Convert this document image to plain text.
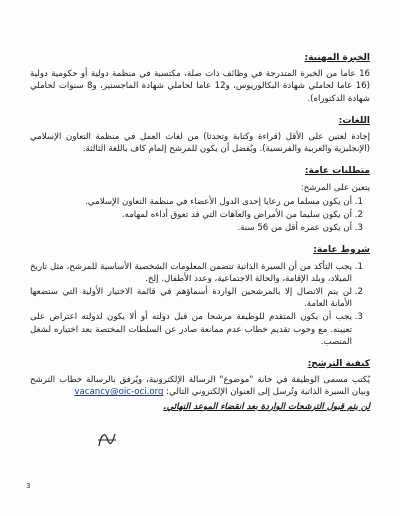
الخبرة المهنية:

16 عاما من الخبرة المتدرجة في وظائف ذات صلة، مكتسبة في منظمة دولية أو حكومية دولية (16 عاما لحاملي شهادة البكالوريوس، و12 عاما لحاملي شهادة الماجستير، و8 سنوات لحاملي شهادة الدكتوراه).

اللغات:

إجادة لغتين على الأقل (قراءة وكتابة وتحدثا) من لغات العمل في منظمة التعاون الإسلامي (الإنجليزية والعربية والفرنسية). ويُفضل أن يكون للمرشح إلمام كاف باللغة الثالثة.

متطلبات عامة:
يتعين على المرشح:
1. أن يكون مسلما من رعايا إحدى الدول الأعضاء في منظمة التعاون الإسلامي.
2. أن يكون سليما من الأمراض والعاهات التي قد تعوق أداءه لمهامه.
3. أن يكون عمره أقل من 56 سنة.
شروط عامة:
1. يجب التأكد من أن السيرة الذاتية تتضمن المعلومات الشخصية الأساسية للمرشح، مثل تاريخ الميلاد، وبلد الإقامة، والحالة الاجتماعية، وعدد الأطفال. إلخ.
2. لن يتم الاتصال إلا بالمرشحين الواردة أسماؤهم في قائمة الاختيار الأولية التي ستضعها الأمانة العامة.
3. يجب أن يكون المتقدم للوظيفة مرشحا من قبل دولته أو ألا يكون لدولته اعتراض على تعيينه. مع وجوب تقديم خطاب عدم ممانعة صادر عن السلطات المختصة بعد اختياره لشغل المنصب.
كيفية الترشح:

يُكتب مسمى الوظيفة في خانة "موضوع" الرسالة الإلكترونية، ويُرفق بالرسالة خطاب الترشح وبيان السيرة الذاتية وتُرسل إلى العنوان الإلكتروني التالي: vacancy@oic-oci.org

لن يتم قبول الترشحات الواردة بعد انقضاء الموعد النهائي.
3
